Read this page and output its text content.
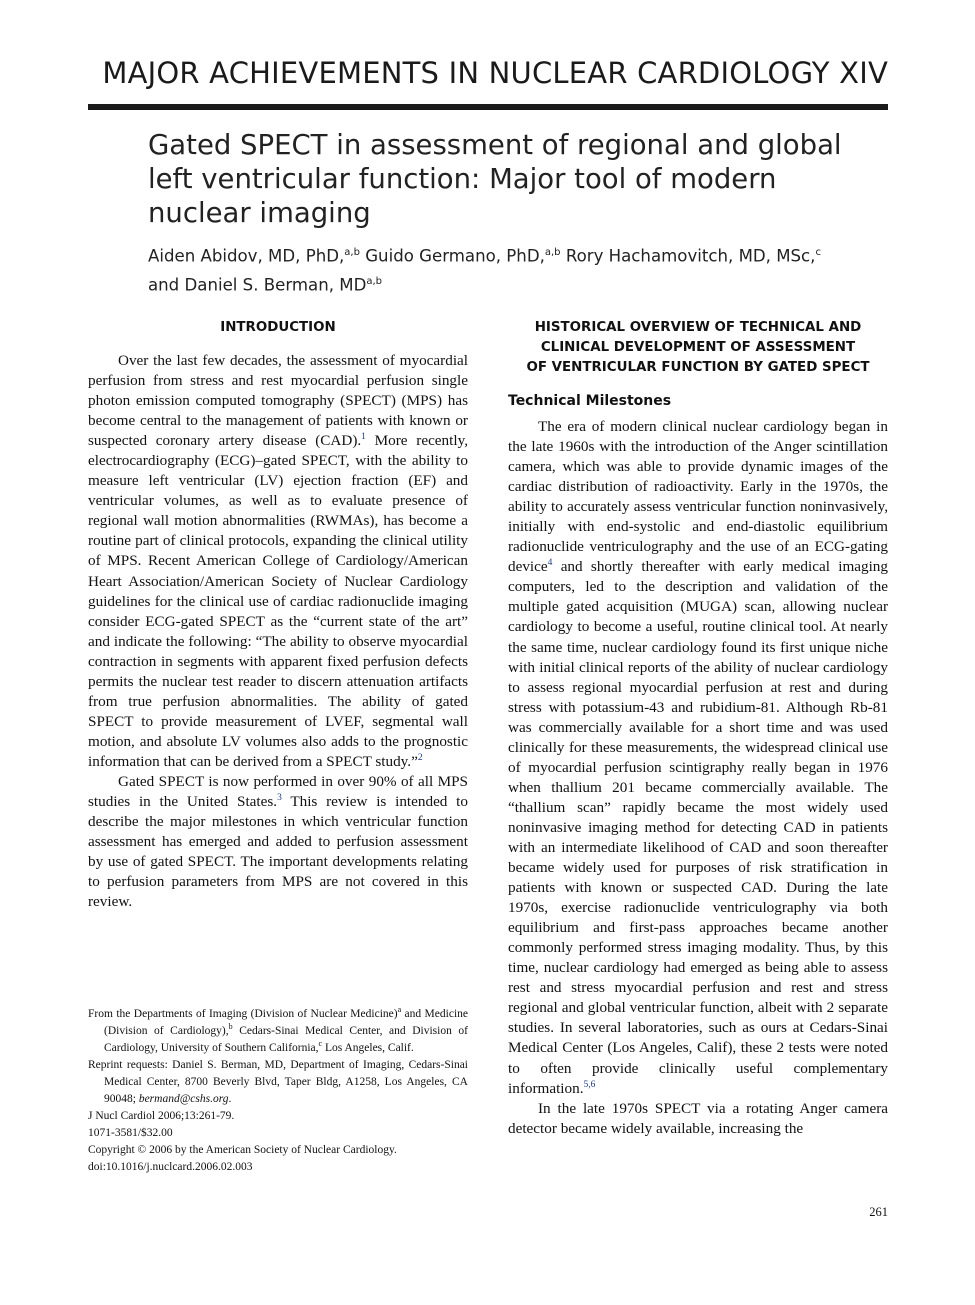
MAJOR ACHIEVEMENTS IN NUCLEAR CARDIOLOGY XIV
Gated SPECT in assessment of regional and global left ventricular function: Major tool of modern nuclear imaging
Aiden Abidov, MD, PhD,$^{a,b}$ Guido Germano, PhD,$^{a,b}$ Rory Hachamovitch, MD, MSc,$^c$
and Daniel S. Berman, MD$^{a,b}$
INTRODUCTION

Over the last few decades, the assessment of myocardial perfusion from stress and rest myocardial perfusion single photon emission computed tomography (SPECT) (MPS) has become central to the management of patients with known or suspected coronary artery disease (CAD).$^1$ More recently, electrocardiography (ECG)–gated SPECT, with the ability to measure left ventricular (LV) ejection fraction (EF) and ventricular volumes, as well as to evaluate presence of regional wall motion abnormalities (RWMAs), has become a routine part of clinical protocols, expanding the clinical utility of MPS. Recent American College of Cardiology/American Heart Association/American Society of Nuclear Cardiology guidelines for the clinical use of cardiac radionuclide imaging consider ECG-gated SPECT as the “current state of the art” and indicate the following: “The ability to observe myocardial contraction in segments with apparent fixed perfusion defects permits the nuclear test reader to discern attenuation artifacts from true perfusion abnormalities. The ability of gated SPECT to provide measurement of LVEF, segmental wall motion, and absolute LV volumes also adds to the prognostic information that can be derived from a SPECT study.”$^2$

Gated SPECT is now performed in over 90% of all MPS studies in the United States.$^3$ This review is intended to describe the major milestones in which ventricular function assessment has emerged and added to perfusion assessment by use of gated SPECT. The important developments relating to perfusion parameters from MPS are not covered in this review.

HISTORICAL OVERVIEW OF TECHNICAL AND
CLINICAL DEVELOPMENT OF ASSESSMENT
OF VENTRICULAR FUNCTION BY GATED SPECT
Technical Milestones

The era of modern clinical nuclear cardiology began in the late 1960s with the introduction of the Anger scintillation camera, which was able to provide dynamic images of the cardiac distribution of radioactivity. Early in the 1970s, the ability to accurately assess ventricular function noninvasively, initially with end-systolic and end-diastolic equilibrium radionuclide ventriculography and the use of an ECG-gating device$^4$ and shortly thereafter with early medical imaging computers, led to the description and validation of the multiple gated acquisition (MUGA) scan, allowing nuclear cardiology to become a useful, routine clinical tool. At nearly the same time, nuclear cardiology found its first unique niche with initial clinical reports of the ability of nuclear cardiology to assess regional myocardial perfusion at rest and during stress with potassium-43 and rubidium-81. Although Rb-81 was commercially available for a short time and was used clinically for these measurements, the widespread clinical use of myocardial perfusion scintigraphy really began in 1976 when thallium 201 became commercially available. The “thallium scan” rapidly became the most widely used noninvasive imaging method for detecting CAD in patients with an intermediate likelihood of CAD and soon thereafter became widely used for purposes of risk stratification in patients with known or suspected CAD. During the late 1970s, exercise radionuclide ventriculography via both equilibrium and first-pass approaches became another commonly performed stress imaging modality. Thus, by this time, nuclear cardiology had emerged as being able to assess rest and stress myocardial perfusion and rest and stress regional and global ventricular function, albeit with 2 separate studies. In several laboratories, such as ours at Cedars-Sinai Medical Center (Los Angeles, Calif), these 2 tests were noted to often provide clinically useful complementary information.$^{5,6}$

In the late 1970s SPECT via a rotating Anger camera detector became widely available, increasing the

From the Departments of Imaging (Division of Nuclear Medicine)$^a$ and Medicine (Division of Cardiology),$^b$ Cedars-Sinai Medical Center, and Division of Cardiology, University of Southern California,$^c$ Los Angeles, Calif.
Reprint requests: Daniel S. Berman, MD, Department of Imaging, Cedars-Sinai Medical Center, 8700 Beverly Blvd, Taper Bldg, A1258, Los Angeles, CA 90048; bermand@cshs.org.
J Nucl Cardiol 2006;13:261-79.
1071-3581/$32.00
Copyright © 2006 by the American Society of Nuclear Cardiology.
doi:10.1016/j.nuclcard.2006.02.003
261
